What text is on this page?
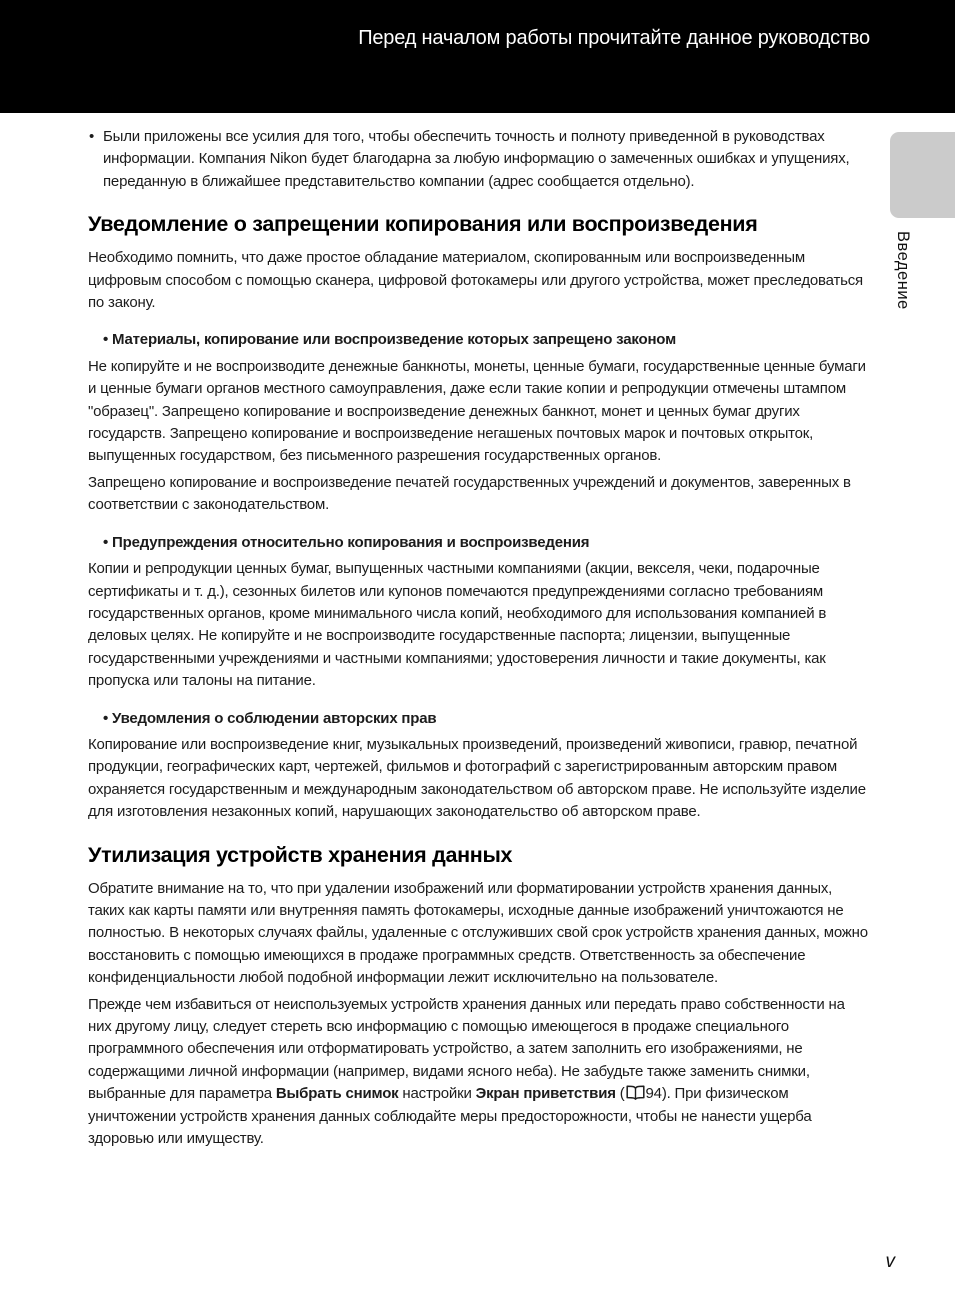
Перед началом работы прочитайте данное руководство
Введение
• Были приложены все усилия для того, чтобы обеспечить точность и полноту приведенной в руководствах информации. Компания Nikon будет благодарна за любую информацию о замеченных ошибках и упущениях, переданную в ближайшее представительство компании (адрес сообщается отдельно).
Уведомление о запрещении копирования или воспроизведения

Необходимо помнить, что даже простое обладание материалом, скопированным или воспроизведенным цифровым способом с помощью сканера, цифровой фотокамеры или другого устройства, может преследоваться по закону.

• Материалы, копирование или воспроизведение которых запрещено законом

Не копируйте и не воспроизводите денежные банкноты, монеты, ценные бумаги, государственные ценные бумаги и ценные бумаги органов местного самоуправления, даже если такие копии и репродукции отмечены штампом "образец". Запрещено копирование и воспроизведение денежных банкнот, монет и ценных бумаг других государств. Запрещено копирование и воспроизведение негашеных почтовых марок и почтовых открыток, выпущенных государством, без письменного разрешения государственных органов.

Запрещено копирование и воспроизведение печатей государственных учреждений и документов, заверенных в соответствии с законодательством.

• Предупреждения относительно копирования и воспроизведения

Копии и репродукции ценных бумаг, выпущенных частными компаниями (акции, векселя, чеки, подарочные сертификаты и т. д.), сезонных билетов или купонов помечаются предупреждениями согласно требованиям государственных органов, кроме минимального числа копий, необходимого для использования компанией в деловых целях. Не копируйте и не воспроизводите государственные паспорта; лицензии, выпущенные государственными учреждениями и частными компаниями; удостоверения личности и такие документы, как пропуска или талоны на питание.

• Уведомления о соблюдении авторских прав

Копирование или воспроизведение книг, музыкальных произведений, произведений живописи, гравюр, печатной продукции, географических карт, чертежей, фильмов и фотографий с зарегистрированным авторским правом охраняется государственным и международным законодательством об авторском праве. Не используйте изделие для изготовления незаконных копий, нарушающих законодательство об авторском праве.

Утилизация устройств хранения данных

Обратите внимание на то, что при удалении изображений или форматировании устройств хранения данных, таких как карты памяти или внутренняя память фотокамеры, исходные данные изображений уничтожаются не полностью. В некоторых случаях файлы, удаленные с отслуживших свой срок устройств хранения данных, можно восстановить с помощью имеющихся в продаже программных средств. Ответственность за обеспечение конфиденциальности любой подобной информации лежит исключительно на пользователе.

Прежде чем избавиться от неиспользуемых устройств хранения данных или передать право собственности на них другому лицу, следует стереть всю информацию с помощью имеющегося в продаже специального программного обеспечения или отформатировать устройство, а затем заполнить его изображениями, не содержащими личной информации (например, видами ясного неба). Не забудьте также заменить снимки, выбранные для параметра Выбрать снимок настройки Экран приветствия ( 94). При физическом уничтожении устройств хранения данных соблюдайте меры предосторожности, чтобы не нанести ущерба здоровью или имуществу.

v
